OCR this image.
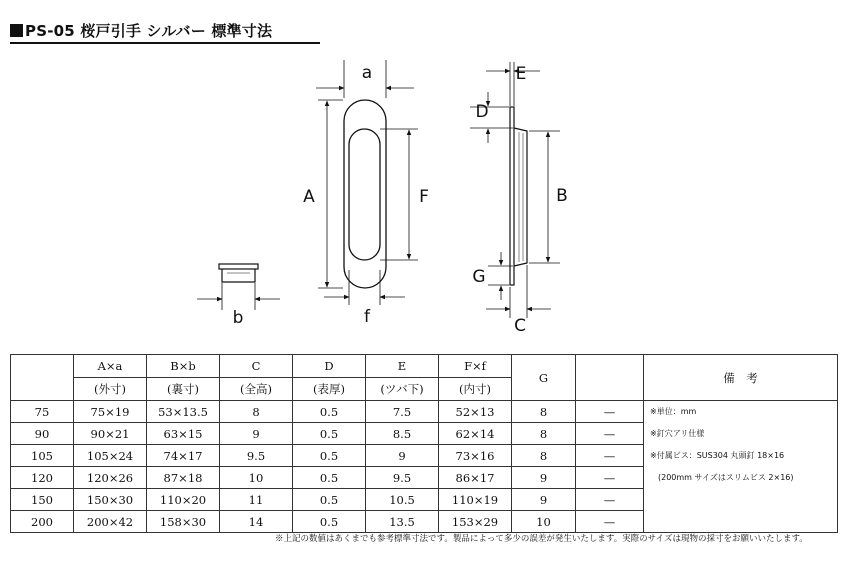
PS-05 桜戸引手 シルバー 標準寸法
a
A	F
f
b
E
D
B
G
C
	A×a	B×b	C	D	E	F×f	G		備　考
	(外寸)	(裏寸)	(全高)	(表厚)	(ツバ下)	(内寸)			
75	75×19	53×13.5	8	0.5	7.5	52×13	8	—	※単位：mm
90	90×21	63×15	9	0.5	8.5	62×14	8	—	※釘穴アリ仕様
105	105×24	74×17	9.5	0.5	9	73×16	8	—	※付属ビス：SUS304 丸頭釘 18×16
120	120×26	87×18	10	0.5	9.5	86×17	9	—	(200mm サイズはスリムビス 2×16)
150	150×30	110×20	11	0.5	10.5	110×19	9	—	
200	200×42	158×30	14	0.5	13.5	153×29	10	—	
※上記の数値はあくまでも参考標準寸法です。製品によって多少の誤差が発生いたします。実際のサイズは現物の採寸をお願いいたします。
